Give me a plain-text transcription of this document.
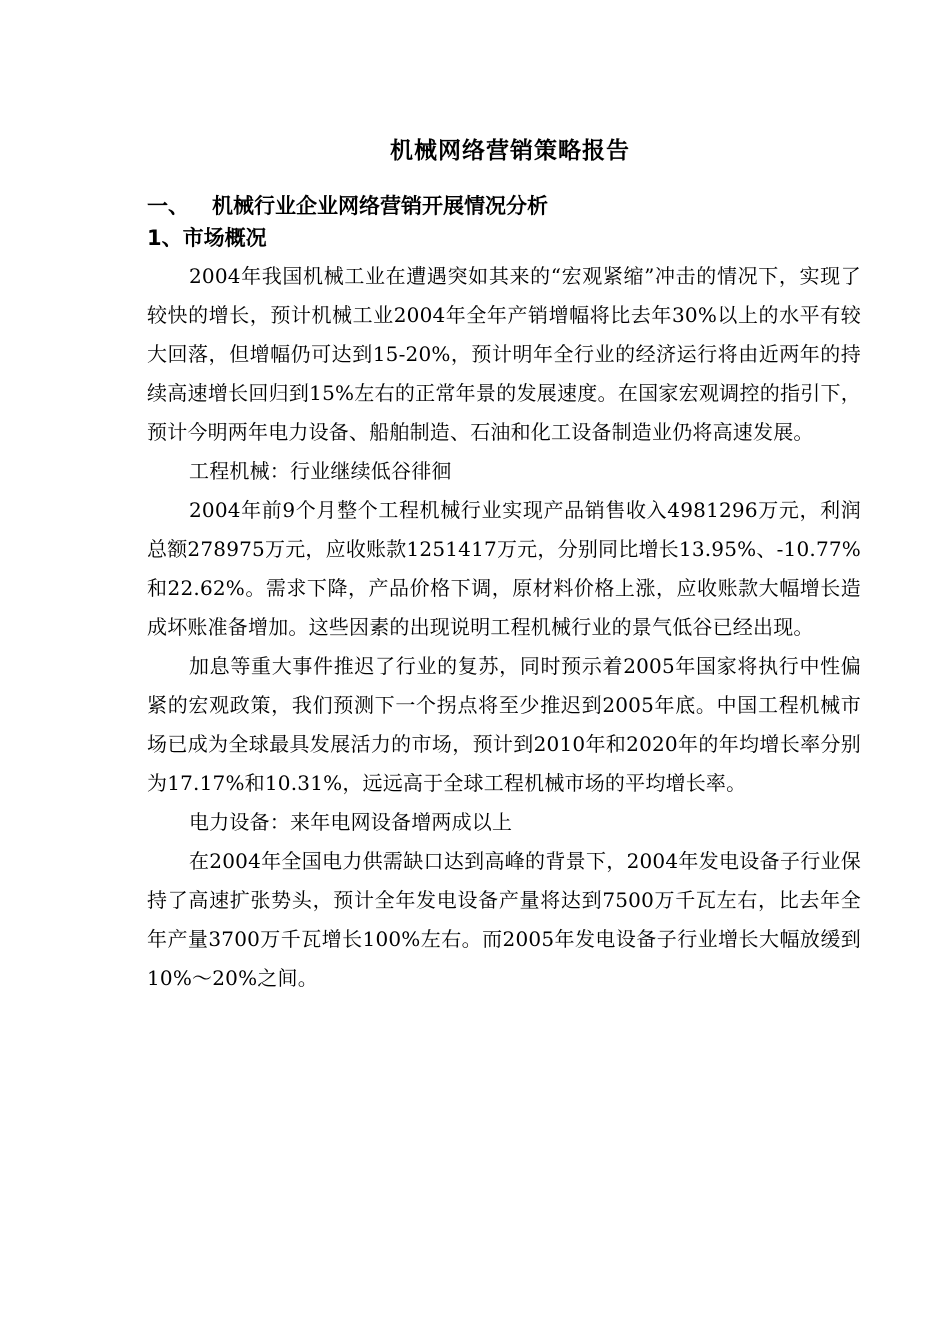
机械网络营销策略报告
一、 机械行业企业网络营销开展情况分析
1、市场概况

2004年我国机械工业在遭遇突如其来的“宏观紧缩”冲击的情况下，实现了较快的增长，预计机械工业2004年全年产销增幅将比去年30%以上的水平有较大回落，但增幅仍可达到15-20%，预计明年全行业的经济运行将由近两年的持续高速增长回归到15%左右的正常年景的发展速度。在国家宏观调控的指引下，预计今明两年电力设备、船舶制造、石油和化工设备制造业仍将高速发展。

工程机械：行业继续低谷徘徊

2004年前9个月整个工程机械行业实现产品销售收入4981296万元，利润总额278975万元，应收账款1251417万元，分别同比增长13.95%、-10.77%和22.62%。需求下降，产品价格下调，原材料价格上涨，应收账款大幅增长造成坏账准备增加。这些因素的出现说明工程机械行业的景气低谷已经出现。

加息等重大事件推迟了行业的复苏，同时预示着2005年国家将执行中性偏紧的宏观政策，我们预测下一个拐点将至少推迟到2005年底。中国工程机械市场已成为全球最具发展活力的市场，预计到2010年和2020年的年均增长率分别为17.17%和10.31%，远远高于全球工程机械市场的平均增长率。

电力设备：来年电网设备增两成以上

在2004年全国电力供需缺口达到高峰的背景下，2004年发电设备子行业保持了高速扩张势头，预计全年发电设备产量将达到7500万千瓦左右，比去年全年产量3700万千瓦增长100%左右。而2005年发电设备子行业增长大幅放缓到10%～20%之间。
